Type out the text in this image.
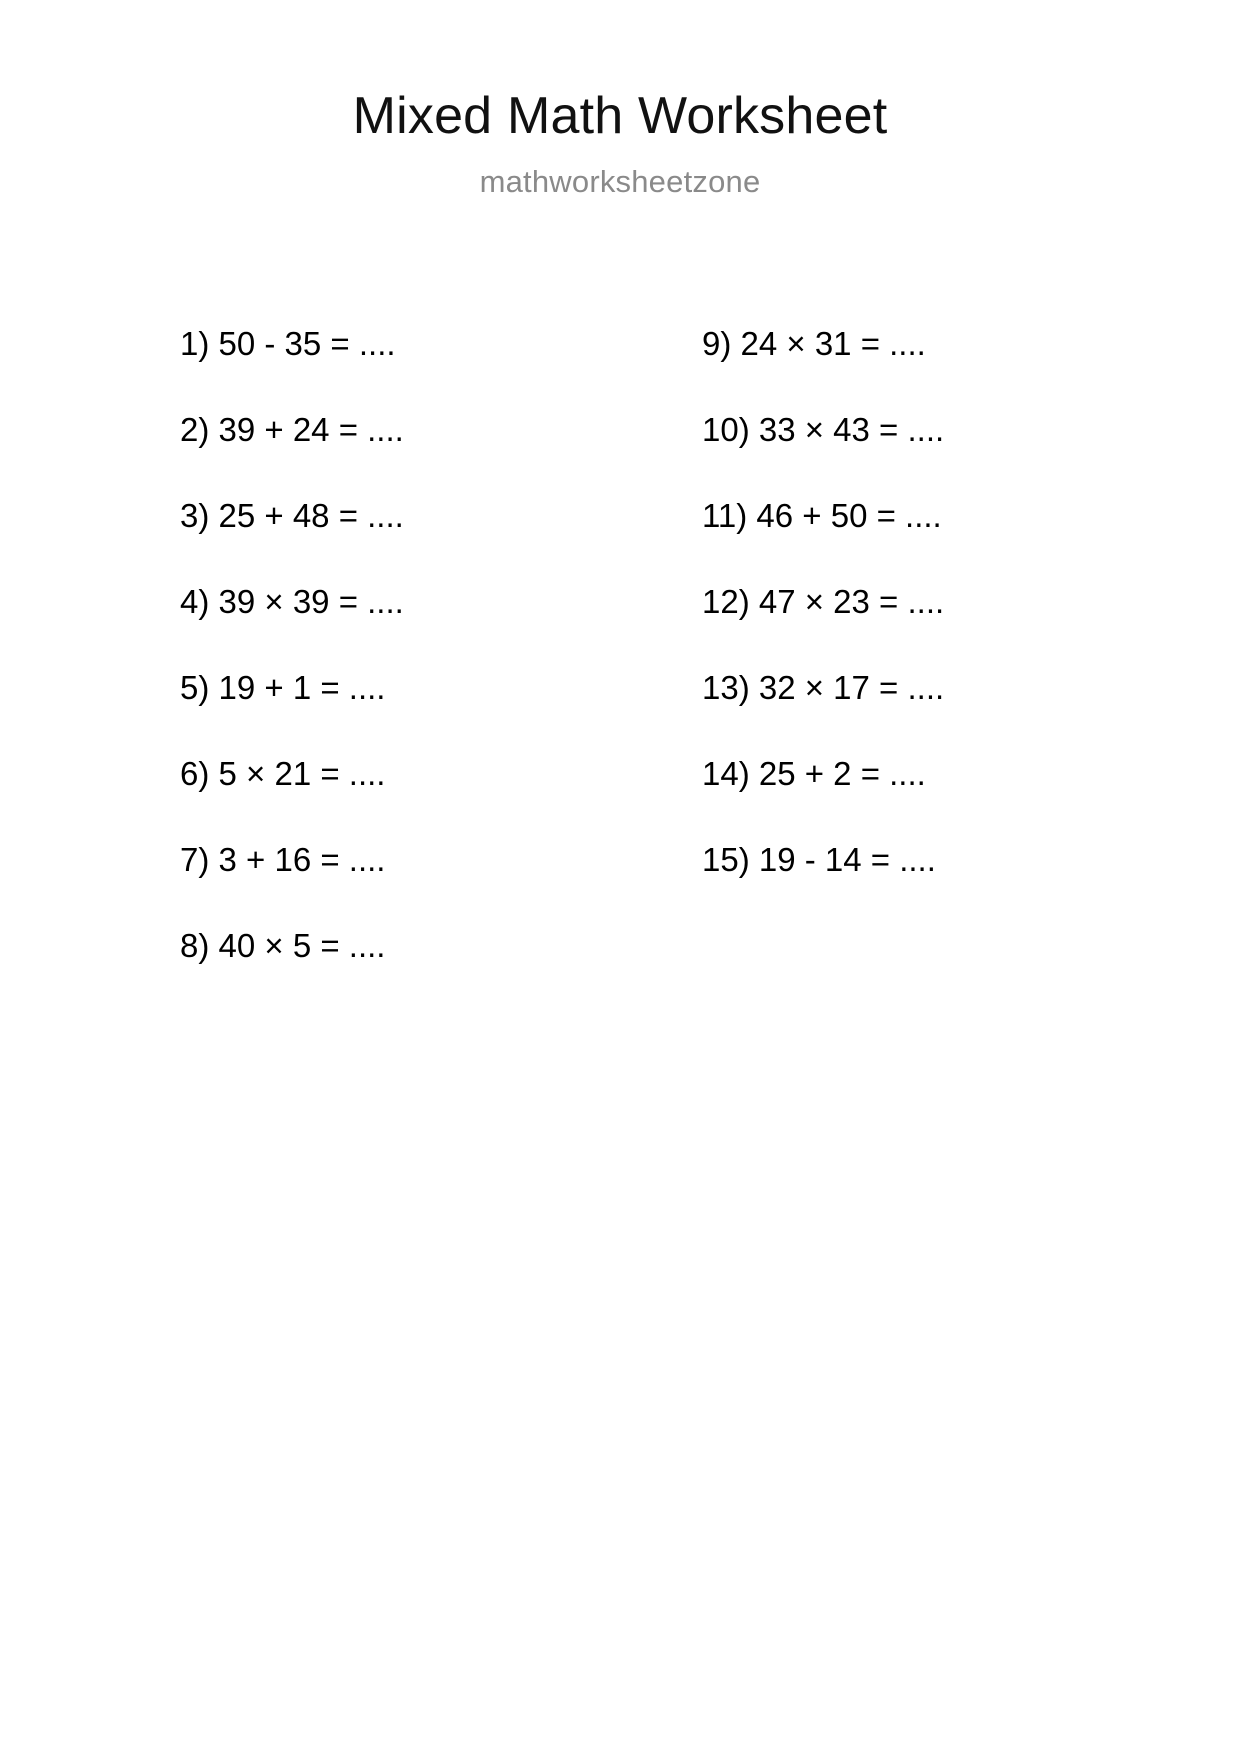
Mixed Math Worksheet
mathworksheetzone
1) 50 - 35 = ....
2) 39 + 24 = ....
3) 25 + 48 = ....
4) 39 × 39 = ....
5) 19 + 1 = ....
6) 5 × 21 = ....
7) 3 + 16 = ....
8) 40 × 5 = ....
9) 24 × 31 = ....
10) 33 × 43 = ....
11) 46 + 50 = ....
12) 47 × 23 = ....
13) 32 × 17 = ....
14) 25 + 2 = ....
15) 19 - 14 = ....
